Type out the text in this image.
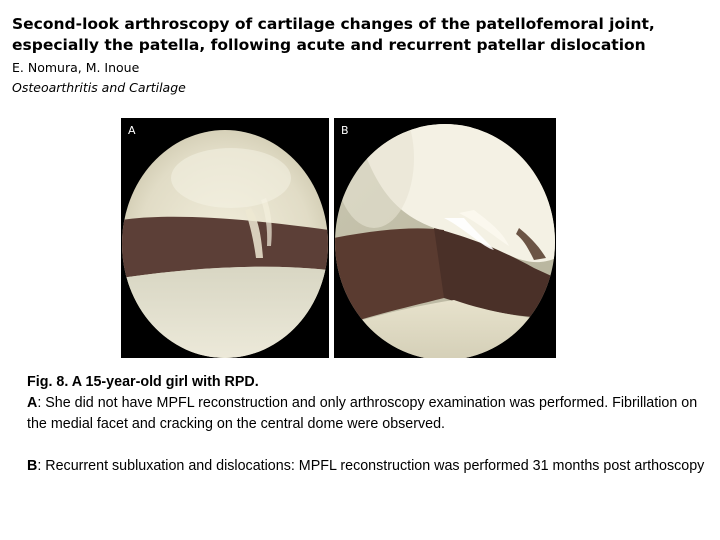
Second-look arthroscopy of cartilage changes of the patellofemoral joint, especially the patella, following acute and recurrent patellar dislocation
E. Nomura, M. Inoue
Osteoarthritis and Cartilage
A	B

Fig. 8. A 15-year-old girl with RPD.

A: She did not have MPFL reconstruction and only arthroscopy examination was performed. Fibrillation on the medial facet and cracking on the central dome were observed.

B: Recurrent subluxation and dislocations: MPFL reconstruction was performed 31 months post arthoscopy
